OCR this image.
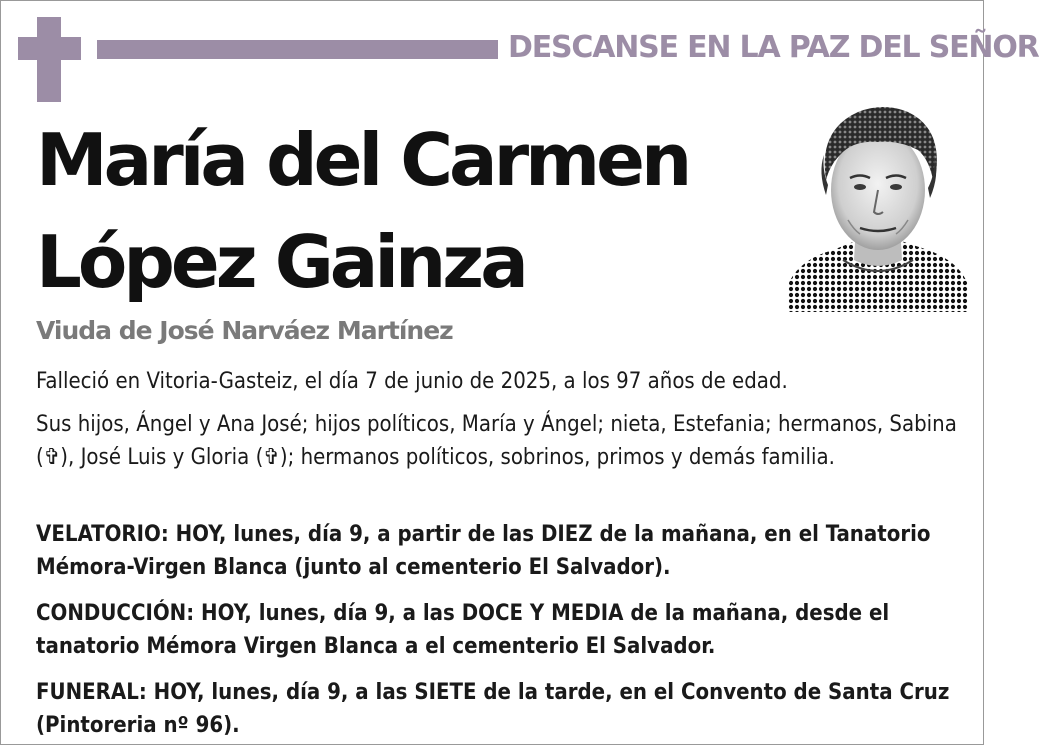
DESCANSE EN LA PAZ DEL SEÑOR
María del Carmen
López Gainza
Viuda de José Narváez Martínez
Falleció en Vitoria-Gasteiz, el día 7 de junio de 2025, a los 97 años de edad.
Sus hijos, Ángel y Ana José; hijos políticos, María y Ángel; nieta, Estefania; hermanos, Sabina (✞), José Luis y Gloria (✞); hermanos políticos, sobrinos, primos y demás familia.
VELATORIO: HOY, lunes, día 9, a partir de las DIEZ de la mañana, en el Tanatorio Mémora-Virgen Blanca (junto al cementerio El Salvador).
CONDUCCIÓN: HOY, lunes, día 9, a las DOCE Y MEDIA de la mañana, desde el tanatorio Mémora Virgen Blanca a el cementerio El Salvador.
FUNERAL: HOY, lunes, día 9, a las SIETE de la tarde, en el Convento de Santa Cruz (Pintoreria nº 96).
